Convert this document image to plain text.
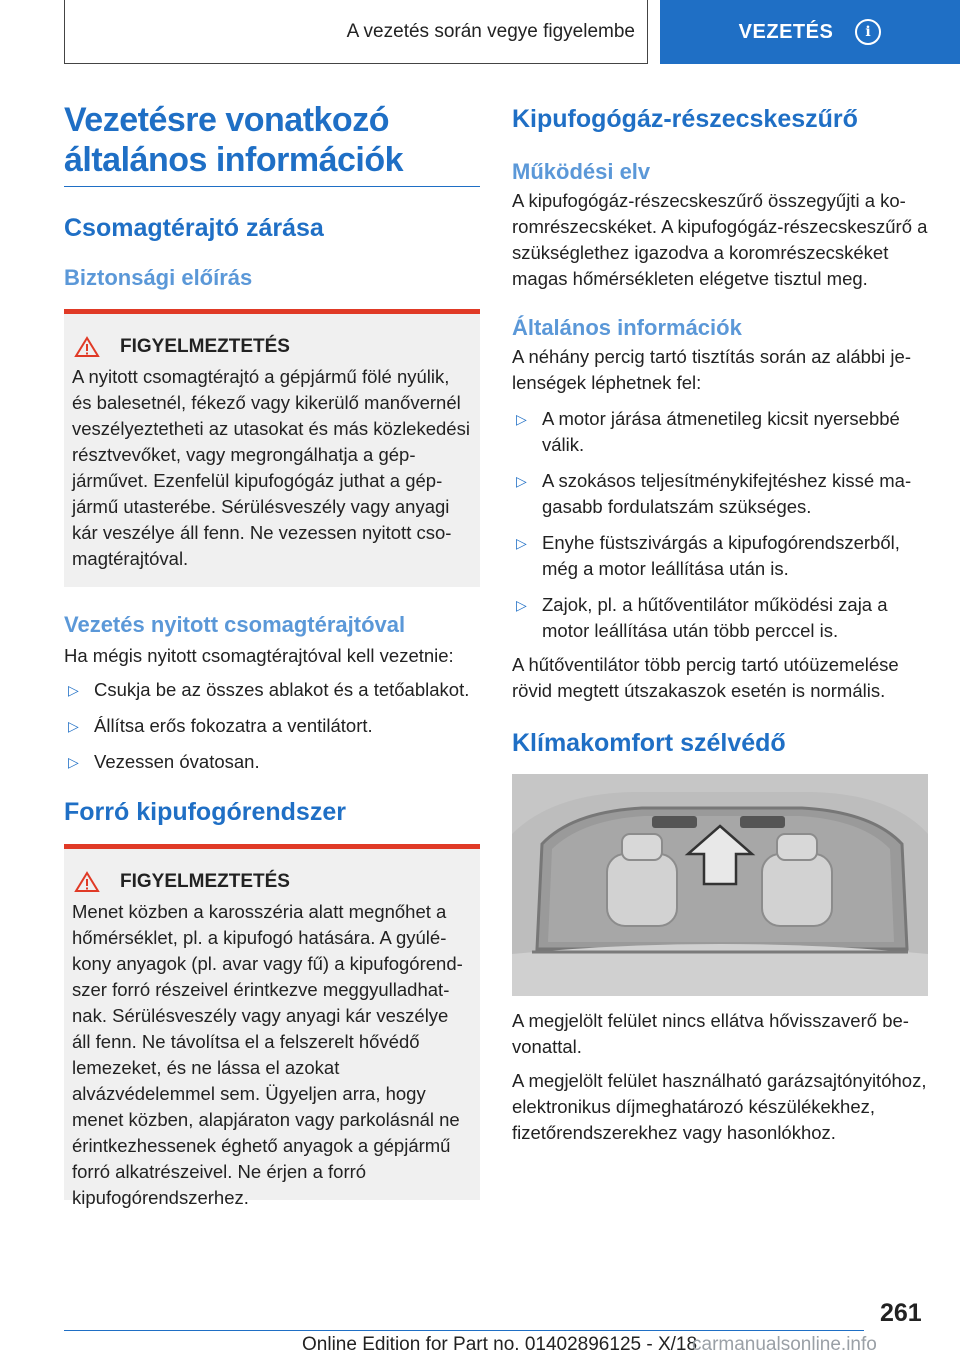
A vezetés során vegye figyelembe	VEZETÉS	i
Vezetésre vonatkozó
általános információk
Csomagtérajtó zárása
Biztonsági előírás
FIGYELMEZTETÉS

A nyitott csomagtérajtó a gépjármű fölé nyúlik, és balesetnél, fékező vagy kikerülő manővernél veszélyeztetheti az utasokat és más közlekedési résztvevőket, vagy megrongálhatja a gépjárművet. Ezenfelül kipufogógáz juthat a gépjármű utasterébe. Sérülésveszély vagy anyagi kár veszélye áll fenn. Ne vezessen nyitott csomagtérajtóval.

Vezetés nyitott csomagtérajtóval

Ha mégis nyitott csomagtérajtóval kell vezetnie:

▷ Csukja be az összes ablakot és a tetőablakot.
▷ Állítsa erős fokozatra a ventilátort.
▷ Vezessen óvatosan.
Forró kipufogórendszer
FIGYELMEZTETÉS

Menet közben a karosszéria alatt megnőhet a hőmérséklet, pl. a kipufogó hatására. A gyúlékony anyagok (pl. avar vagy fű) a kipufogórendszer forró részeivel érintkezve meggyulladhatnak. Sérülésveszély vagy anyagi kár veszélye áll fenn. Ne távolítsa el a felszerelt hővédő lemezeket, és ne lássa el azokat alvázvédelemmel sem. Ügyeljen arra, hogy menet közben, alapjáraton vagy parkolásnál ne érintkezhessenek éghető anyagok a gépjármű forró alkatrészeivel. Ne érjen a forró kipufogórendszerhez.

Kipufogógáz-részecskeszűrő
Működési elv

A kipufogógáz-részecskeszűrő összegyűjti a koromrészecskéket. A kipufogógáz-részecskeszűrő a szükséglethez igazodva a koromrészecskéket magas hőmérsékleten elégetve tisztul meg.

Általános információk

A néhány percig tartó tisztítás során az alábbi jelenségek léphetnek fel:

▷ A motor járása átmenetileg kicsit nyersebbé válik.
▷ A szokásos teljesítménykifejtéshez kissé magasabb fordulatszám szükséges.
▷ Enyhe füstszivárgás a kipufogórendszerből, még a motor leállítása után is.
▷ Zajok, pl. a hűtőventilátor működési zaja a motor leállítása után több perccel is.

A hűtőventilátor több percig tartó utóüzemelése rövid megtett útszakaszok esetén is normális.

Klímakomfort szélvédő

A megjelölt felület nincs ellátva hővisszaverő bevonattal.

A megjelölt felület használható garázsajtónyitóhoz, elektronikus díjmeghatározó készülékekhez, fizetőrendszerekhez vagy hasonlókhoz.

261
Online Edition for Part no. 01402896125 - X/18
carmanualsonline.info
